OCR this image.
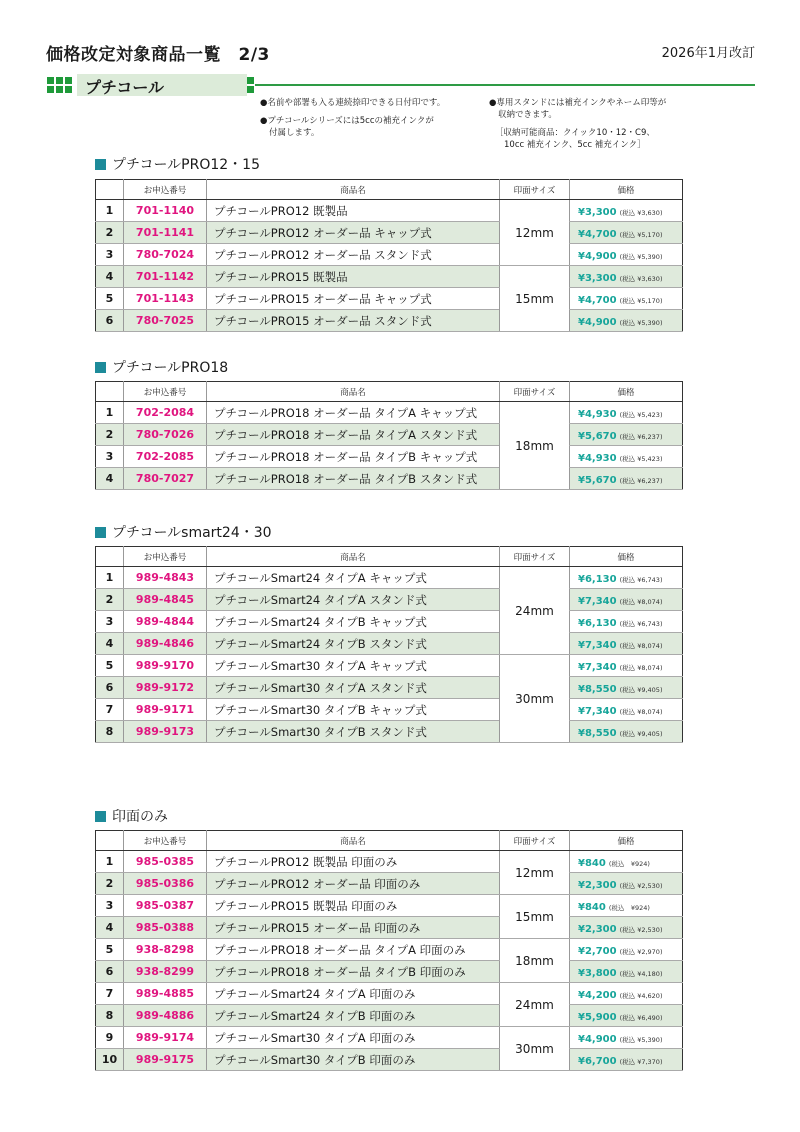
価格改定対象商品一覧　2/3	2026年1月改訂
プチコール

●名前や部署も入る連続捺印できる日付印です。

●プチコールシリーズには5ccの補充インクが

付属します。

●専用スタンドには補充インクやネーム印等が

収納できます。

［収納可能商品：クイック10・12・C9、

10cc 補充インク、5cc 補充インク］

プチコールPRO12・15
	お申込番号	商品名	印面サイズ	価格
1	701-1140	プチコールPRO12 既製品	12mm	¥3,300 (税込 ¥3,630)
2	701-1141	プチコールPRO12 オーダー品 キャップ式		¥4,700 (税込 ¥5,170)
3	780-7024	プチコールPRO12 オーダー品 スタンド式		¥4,900 (税込 ¥5,390)
4	701-1142	プチコールPRO15 既製品	15mm	¥3,300 (税込 ¥3,630)
5	701-1143	プチコールPRO15 オーダー品 キャップ式		¥4,700 (税込 ¥5,170)
6	780-7025	プチコールPRO15 オーダー品 スタンド式		¥4,900 (税込 ¥5,390)
プチコールPRO18
	お申込番号	商品名	印面サイズ	価格
1	702-2084	プチコールPRO18 オーダー品 タイプA キャップ式	18mm	¥4,930 (税込 ¥5,423)
2	780-7026	プチコールPRO18 オーダー品 タイプA スタンド式		¥5,670 (税込 ¥6,237)
3	702-2085	プチコールPRO18 オーダー品 タイプB キャップ式		¥4,930 (税込 ¥5,423)
4	780-7027	プチコールPRO18 オーダー品 タイプB スタンド式		¥5,670 (税込 ¥6,237)
プチコールsmart24・30
	お申込番号	商品名	印面サイズ	価格
1	989-4843	プチコールSmart24 タイプA キャップ式	24mm	¥6,130 (税込 ¥6,743)
2	989-4845	プチコールSmart24 タイプA スタンド式		¥7,340 (税込 ¥8,074)
3	989-4844	プチコールSmart24 タイプB キャップ式		¥6,130 (税込 ¥6,743)
4	989-4846	プチコールSmart24 タイプB スタンド式		¥7,340 (税込 ¥8,074)
5	989-9170	プチコールSmart30 タイプA キャップ式	30mm	¥7,340 (税込 ¥8,074)
6	989-9172	プチコールSmart30 タイプA スタンド式		¥8,550 (税込 ¥9,405)
7	989-9171	プチコールSmart30 タイプB キャップ式		¥7,340 (税込 ¥8,074)
8	989-9173	プチコールSmart30 タイプB スタンド式		¥8,550 (税込 ¥9,405)
印面のみ
	お申込番号	商品名	印面サイズ	価格
1	985-0385	プチコールPRO12 既製品 印面のみ	12mm	¥840 (税込　¥924)
2	985-0386	プチコールPRO12 オーダー品 印面のみ		¥2,300 (税込 ¥2,530)
3	985-0387	プチコールPRO15 既製品 印面のみ	15mm	¥840 (税込　¥924)
4	985-0388	プチコールPRO15 オーダー品 印面のみ		¥2,300 (税込 ¥2,530)
5	938-8298	プチコールPRO18 オーダー品 タイプA 印面のみ	18mm	¥2,700 (税込 ¥2,970)
6	938-8299	プチコールPRO18 オーダー品 タイプB 印面のみ		¥3,800 (税込 ¥4,180)
7	989-4885	プチコールSmart24 タイプA 印面のみ	24mm	¥4,200 (税込 ¥4,620)
8	989-4886	プチコールSmart24 タイプB 印面のみ		¥5,900 (税込 ¥6,490)
9	989-9174	プチコールSmart30 タイプA 印面のみ	30mm	¥4,900 (税込 ¥5,390)
10	989-9175	プチコールSmart30 タイプB 印面のみ		¥6,700 (税込 ¥7,370)
